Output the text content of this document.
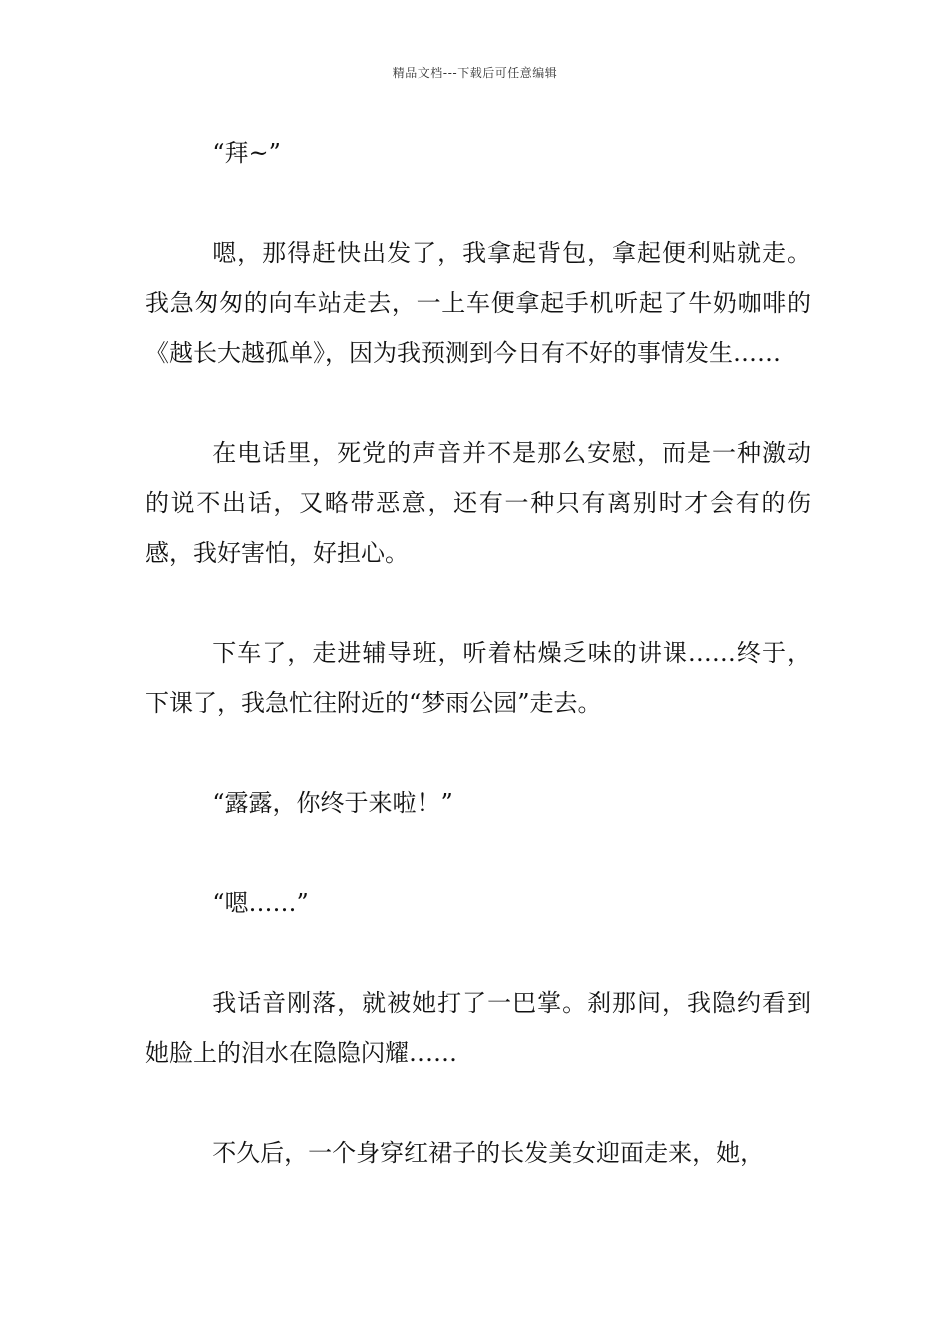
精品文档---下载后可任意编辑

“拜~”

嗯，那得赶快出发了，我拿起背包，拿起便利贴就走。我急匆匆的向车站走去，一上车便拿起手机听起了牛奶咖啡的《越长大越孤单》，因为我预测到今日有不好的事情发生……

在电话里，死党的声音并不是那么安慰，而是一种激动的说不出话，又略带恶意，还有一种只有离别时才会有的伤感，我好害怕，好担心。

下车了，走进辅导班，听着枯燥乏味的讲课……终于，下课了，我急忙往附近的“梦雨公园”走去。

“露露，你终于来啦！”

“嗯……”

我话音刚落，就被她打了一巴掌。刹那间，我隐约看到她脸上的泪水在隐隐闪耀……

不久后，一个身穿红裙子的长发美女迎面走来，她，
